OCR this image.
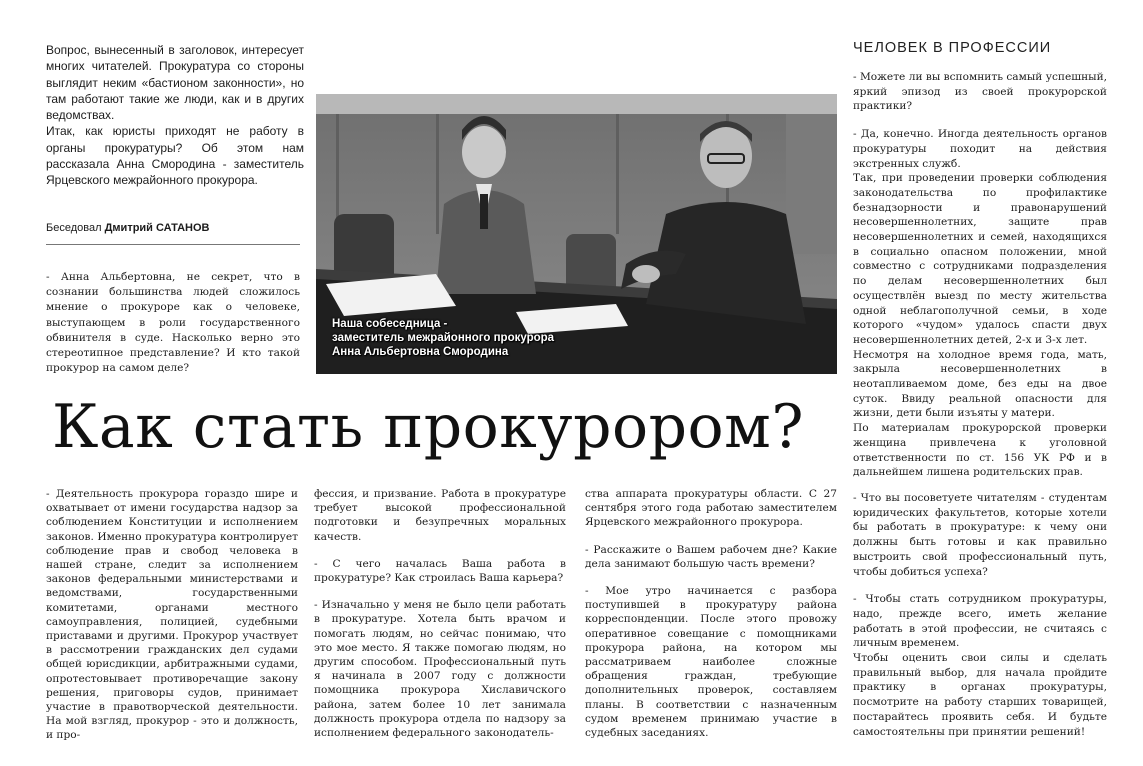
Вопрос, вынесенный в заголовок, интересует многих читателей. Прокуратура со стороны выглядит неким «бастионом законности», но там работают такие же люди, как и в других ведомствах.

Итак, как юристы приходят не работу в органы прокуратуры? Об этом нам рассказала Анна Смородина - заместитель Ярцевского межрайонного прокурора.

Беседовал Дмитрий САТАНОВ

- Анна Альбертовна, не секрет, что в сознании большинства людей сложилось мнение о прокуроре как о человеке, выступающем в роли государственного обвинителя в суде. Насколько верно это стереотипное представление? И кто такой прокурор на самом деле?

Наша собеседница -
заместитель межрайонного прокурора
Анна Альбертовна Смородина
ЧЕЛОВЕК В ПРОФЕССИИ

- Можете ли вы вспомнить самый успешный, яркий эпизод из своей прокурорской практики?

- Да, конечно. Иногда деятельность органов прокуратуры походит на действия экстренных служб.

Так, при проведении проверки соблюдения законодательства по профилактике безнадзорности и правонарушений несовершеннолетних, защите прав несовершеннолетних и семей, находящихся в социально опасном положении, мной совместно с сотрудниками подразделения по делам несовершеннолетних был осуществлён выезд по месту жительства одной неблагополучной семьи, в ходе которого «чудом» удалось спасти двух несовершеннолетних детей, 2-х и 3-х лет.

Несмотря на холодное время года, мать, закрыла несовершеннолетних в неотапливаемом доме, без еды на двое суток. Ввиду реальной опасности для жизни, дети были изъяты у матери.

По материалам прокурорской проверки женщина привлечена к уголовной ответственности по ст. 156 УК РФ и в дальнейшем лишена родительских прав.

Как стать прокурором?

- Деятельность прокурора гораздо шире и охватывает от имени государства надзор за соблюдением Конституции и исполнением законов. Именно прокуратура контролирует соблюдение прав и свобод человека в нашей стране, следит за исполнением законов федеральными министерствами и ведомствами, государственными комитетами, органами местного самоуправления, полицией, судебными приставами и другими. Прокурор участвует в рассмотрении гражданских дел судами общей юрисдикции, арбитражными судами, опротестовывает противоречащие закону решения, приговоры судов, принимает участие в правотворческой деятельности. На мой взгляд, прокурор - это и должность, и про-

фессия, и призвание. Работа в прокуратуре требует высокой профессиональной подготовки и безупречных моральных качеств.

- С чего началась Ваша работа в прокуратуре? Как строилась Ваша карьера?

- Изначально у меня не было цели работать в прокуратуре. Хотела быть врачом и помогать людям, но сейчас понимаю, что это мое место. Я также помогаю людям, но другим способом. Профессиональный путь я начинала в 2007 году с должности помощника прокурора Хиславичского района, затем более 10 лет занимала должность прокурора отдела по надзору за исполнением федерального законодатель-

ства аппарата прокуратуры области. С 27 сентября этого года работаю заместителем Ярцевского межрайонного прокурора.

- Расскажите о Вашем рабочем дне? Какие дела занимают большую часть времени?

- Мое утро начинается с разбора поступившей в прокуратуру района корреспонденции. После этого провожу оперативное совещание с помощниками прокурора района, на котором мы рассматриваем наиболее сложные обращения граждан, требующие дополнительных проверок, составляем планы. В соответствии с назначенным судом временем принимаю участие в судебных заседаниях.

- Что вы посоветуете читателям - студентам юридических факультетов, которые хотели бы работать в прокуратуре: к чему они должны быть готовы и как правильно выстроить свой профессиональный путь, чтобы добиться успеха?

- Чтобы стать сотрудником прокуратуры, надо, прежде всего, иметь желание работать в этой профессии, не считаясь с личным временем.

Чтобы оценить свои силы и сделать правильный выбор, для начала пройдите практику в органах прокуратуры, посмотрите на работу старших товарищей, постарайтесь проявить себя. И будьте самостоятельны при принятии решений!
